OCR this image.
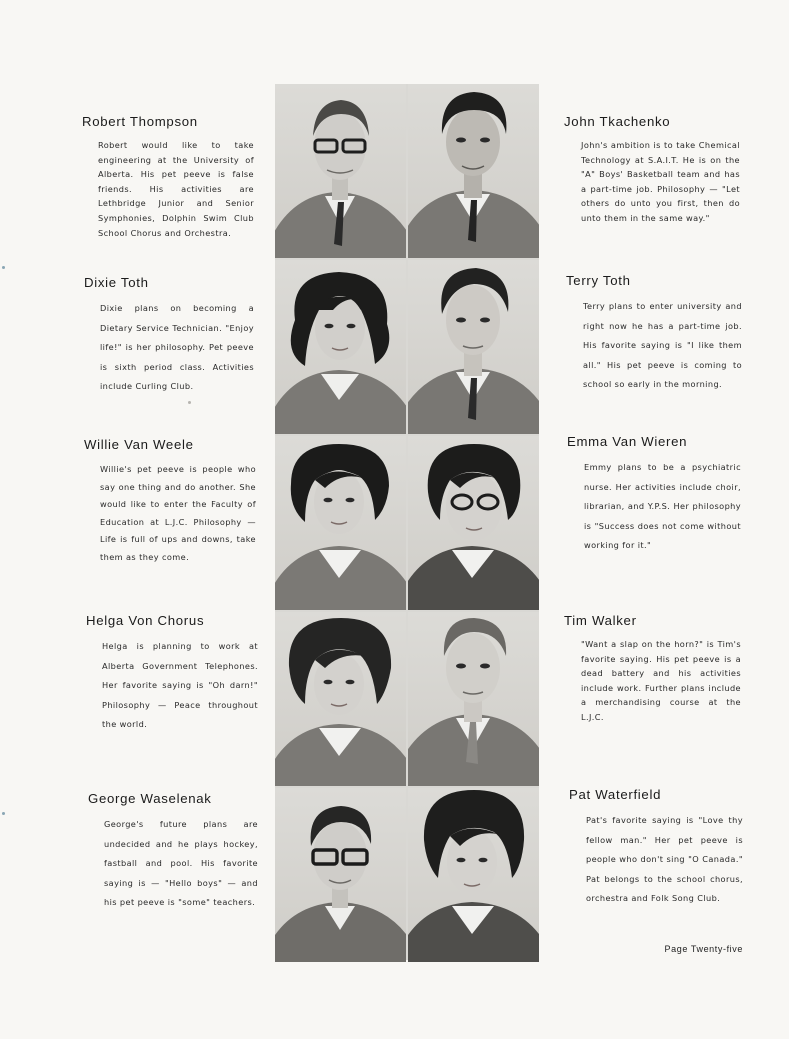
Robert Thompson

Robert would like to take engineering at the University of Alberta. His pet peeve is false friends. His activities are Lethbridge Junior and Senior Symphonies, Dolphin Swim Club School Chorus and Orchestra.

John Tkachenko

John's ambition is to take Chemical Technology at S.A.I.T. He is on the "A" Boys' Basketball team and has a part-time job. Philosophy — "Let others do unto you first, then do unto them in the same way."

Dixie Toth

Dixie plans on becoming a Dietary Service Technician. "Enjoy life!" is her philosophy. Pet peeve is sixth period class. Activities include Curling Club.

Terry Toth

Terry plans to enter university and right now he has a part-time job. His favorite saying is "I like them all." His pet peeve is coming to school so early in the morning.

Willie Van Weele

Willie's pet peeve is people who say one thing and do another. She would like to enter the Faculty of Education at L.J.C. Philosophy —Life is full of ups and downs, take them as they come.

Emma Van Wieren

Emmy plans to be a psychiatric nurse. Her activities include choir, librarian, and Y.P.S. Her philosophy is "Success does not come without working for it."

Helga Von Chorus

Helga is planning to work at Alberta Government Telephones. Her favorite saying is "Oh darn!" Philosophy — Peace throughout the world.

Tim Walker

"Want a slap on the horn?" is Tim's favorite saying. His pet peeve is a dead battery and his activities include work. Further plans include a merchandising course at the L.J.C.

George Waselenak

George's future plans are undecided and he plays hockey, fastball and pool. His favorite saying is — "Hello boys" — and his pet peeve is "some" teachers.

Pat Waterfield

Pat's favorite saying is "Love thy fellow man." Her pet peeve is people who don't sing "O Canada." Pat belongs to the school chorus, orchestra and Folk Song Club.

Page Twenty-five
